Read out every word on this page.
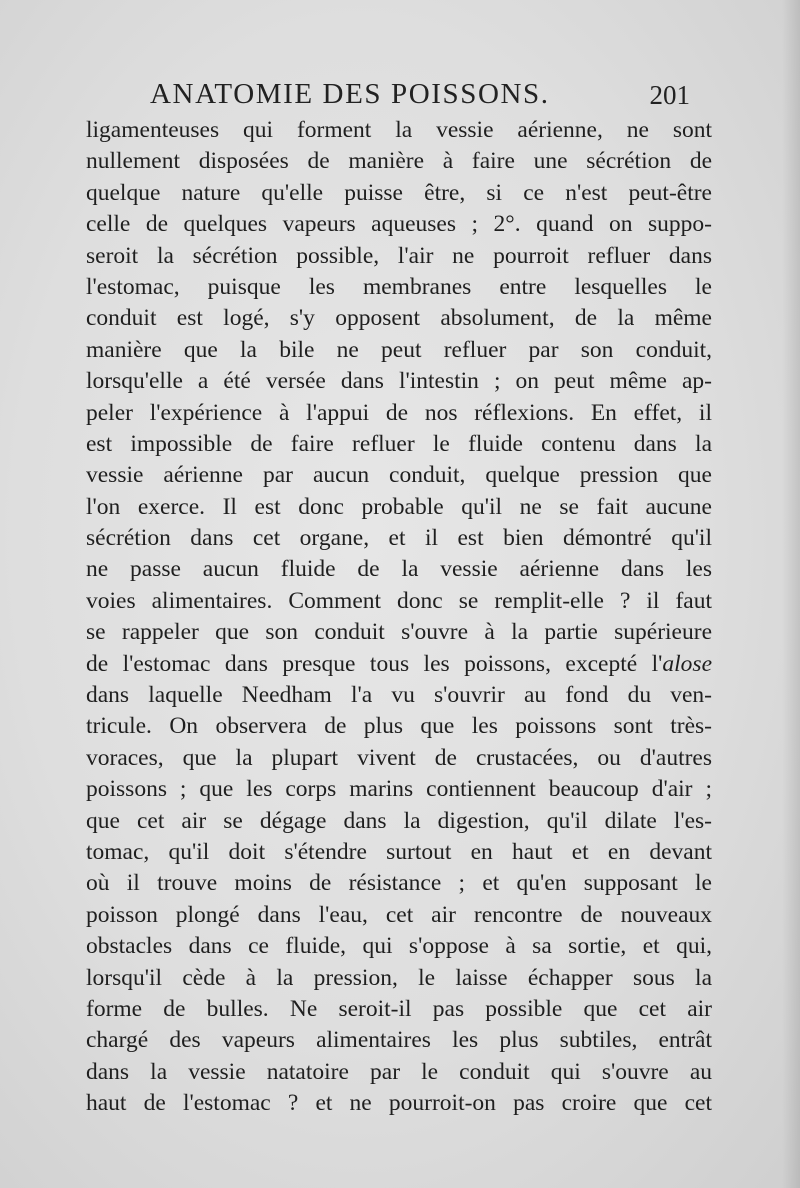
ANATOMIE DES POISSONS.	201
ligamenteuses qui forment la vessie aérienne, ne sont
nullement disposées de manière à faire une sécrétion de
quelque nature qu'elle puisse être, si ce n'est peut-être
celle de quelques vapeurs aqueuses ; 2°. quand on suppo-
seroit la sécrétion possible, l'air ne pourroit refluer dans
l'estomac, puisque les membranes entre lesquelles le
conduit est logé, s'y opposent absolument, de la même
manière que la bile ne peut refluer par son conduit,
lorsqu'elle a été versée dans l'intestin ; on peut même ap-
peler l'expérience à l'appui de nos réflexions. En effet, il
est impossible de faire refluer le fluide contenu dans la
vessie aérienne par aucun conduit, quelque pression que
l'on exerce. Il est donc probable qu'il ne se fait aucune
sécrétion dans cet organe, et il est bien démontré qu'il
ne passe aucun fluide de la vessie aérienne dans les
voies alimentaires. Comment donc se remplit-elle ? il faut
se rappeler que son conduit s'ouvre à la partie supérieure
de l'estomac dans presque tous les poissons, excepté l'alose
dans laquelle Needham l'a vu s'ouvrir au fond du ven-
tricule. On observera de plus que les poissons sont très-
voraces, que la plupart vivent de crustacées, ou d'autres
poissons ; que les corps marins contiennent beaucoup d'air ;
que cet air se dégage dans la digestion, qu'il dilate l'es-
tomac, qu'il doit s'étendre surtout en haut et en devant
où il trouve moins de résistance ; et qu'en supposant le
poisson plongé dans l'eau, cet air rencontre de nouveaux
obstacles dans ce fluide, qui s'oppose à sa sortie, et qui,
lorsqu'il cède à la pression, le laisse échapper sous la
forme de bulles. Ne seroit-il pas possible que cet air
chargé des vapeurs alimentaires les plus subtiles, entrât
dans la vessie natatoire par le conduit qui s'ouvre au
haut de l'estomac ? et ne pourroit-on pas croire que cet
